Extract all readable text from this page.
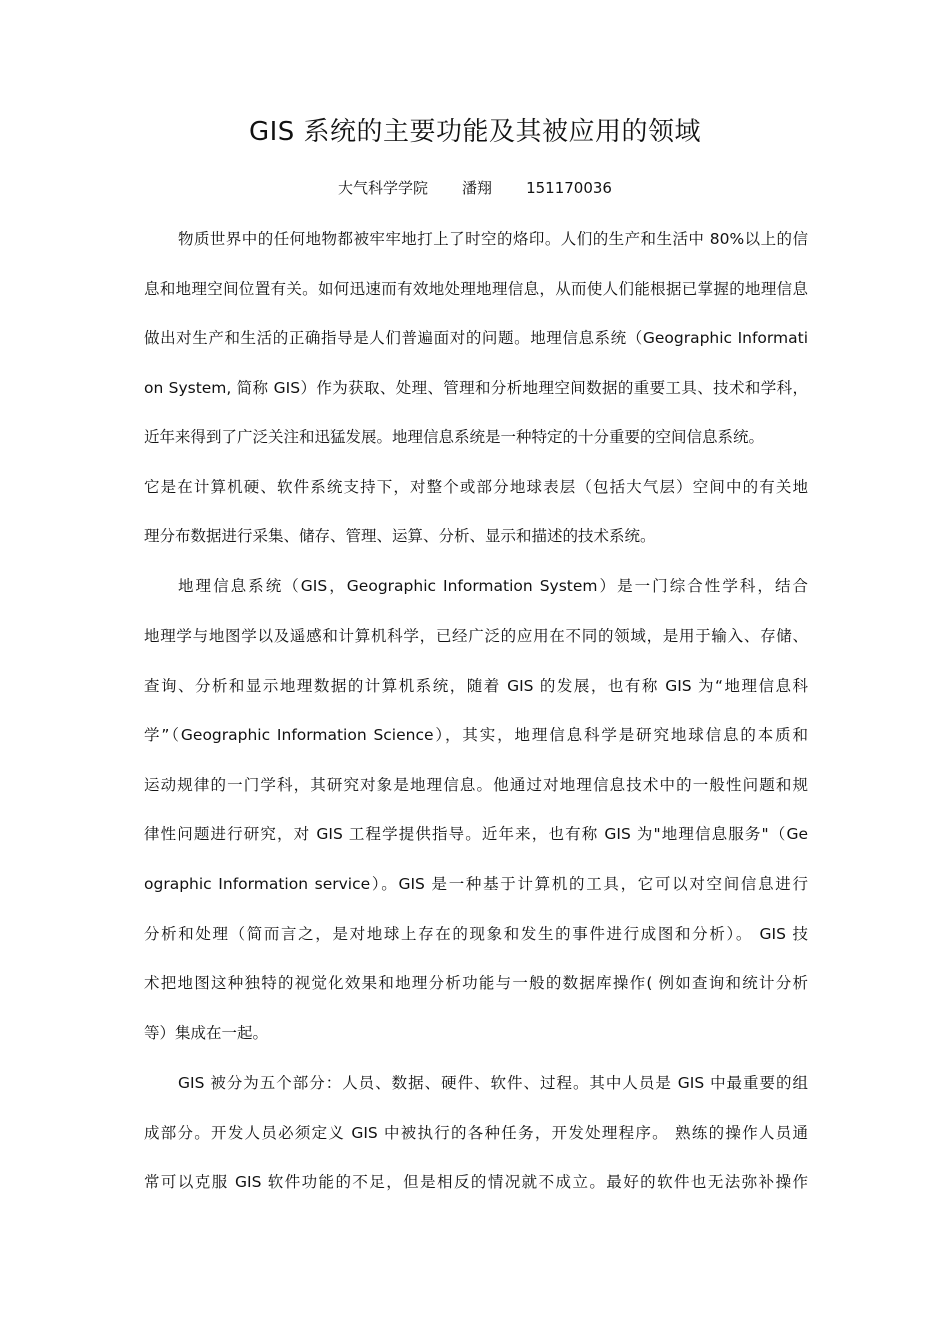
GIS 系统的主要功能及其被应用的领域
大气科学学院 潘翔 151170036
物质世界中的任何地物都被牢牢地打上了时空的烙印。人们的生产和生活中 80%以上的信
息和地理空间位置有关。如何迅速而有效地处理地理信息，从而使人们能根据已掌握的地理信息
做出对生产和生活的正确指导是人们普遍面对的问题。地理信息系统（Geographic Informati
on System, 简称 GIS）作为获取、处理、管理和分析地理空间数据的重要工具、技术和学科，
近年来得到了广泛关注和迅猛发展。地理信息系统是一种特定的十分重要的空间信息系统。
它是在计算机硬、软件系统支持下，对整个或部分地球表层（包括大气层）空间中的有关地
理分布数据进行采集、储存、管理、运算、分析、显示和描述的技术系统。
地理信息系统（GIS，Geographic Information System）是一门综合性学科，结合
地理学与地图学以及遥感和计算机科学，已经广泛的应用在不同的领域，是用于输入、存储、
查询、分析和显示地理数据的计算机系统，随着 GIS 的发展，也有称 GIS 为“地理信息科
学”（Geographic Information Science），其实，地理信息科学是研究地球信息的本质和
运动规律的一门学科，其研究对象是地理信息。他通过对地理信息技术中的一般性问题和规
律性问题进行研究，对 GIS 工程学提供指导。近年来，也有称 GIS 为"地理信息服务"（Ge
ographic Information service）。GIS 是一种基于计算机的工具，它可以对空间信息进行
分析和处理（简而言之，是对地球上存在的现象和发生的事件进行成图和分析）。 GIS 技
术把地图这种独特的视觉化效果和地理分析功能与一般的数据库操作( 例如查询和统计分析
等）集成在一起。
GIS 被分为五个部分：人员、数据、硬件、软件、过程。其中人员是 GIS 中最重要的组
成部分。开发人员必须定义 GIS 中被执行的各种任务，开发处理程序。 熟练的操作人员通
常可以克服 GIS 软件功能的不足，但是相反的情况就不成立。最好的软件也无法弥补操作
